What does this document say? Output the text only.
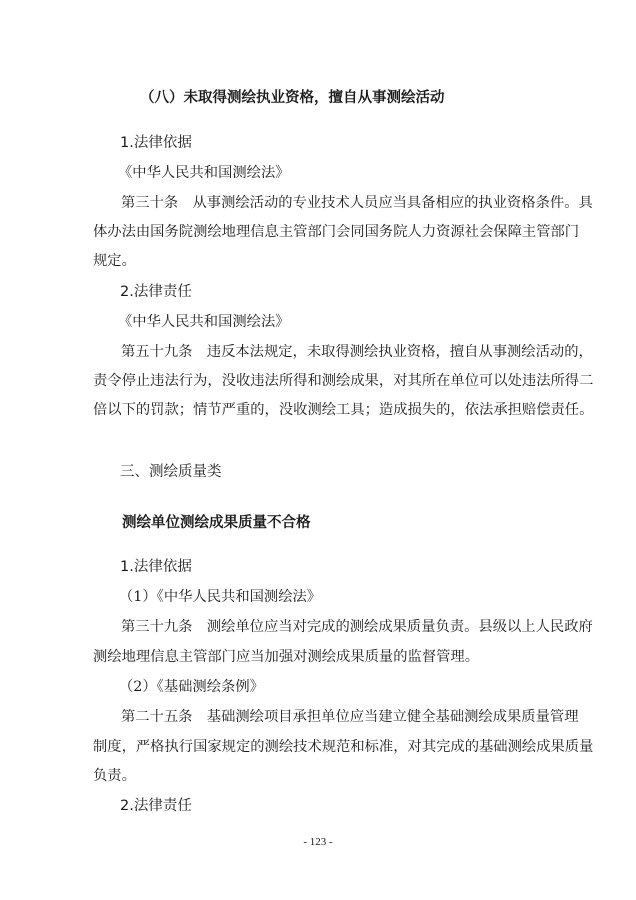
（八）未取得测绘执业资格，擅自从事测绘活动
1.法律依据
《中华人民共和国测绘法》
第三十条　从事测绘活动的专业技术人员应当具备相应的执业资格条件。具
体办法由国务院测绘地理信息主管部门会同国务院人力资源社会保障主管部门
规定。
2.法律责任
《中华人民共和国测绘法》
第五十九条　违反本法规定，未取得测绘执业资格，擅自从事测绘活动的，
责令停止违法行为，没收违法所得和测绘成果，对其所在单位可以处违法所得二
倍以下的罚款；情节严重的，没收测绘工具；造成损失的，依法承担赔偿责任。
三、测绘质量类
测绘单位测绘成果质量不合格
1.法律依据
（1）《中华人民共和国测绘法》
第三十九条　测绘单位应当对完成的测绘成果质量负责。县级以上人民政府
测绘地理信息主管部门应当加强对测绘成果质量的监督管理。
（2）《基础测绘条例》
第二十五条　基础测绘项目承担单位应当建立健全基础测绘成果质量管理
制度，严格执行国家规定的测绘技术规范和标准，对其完成的基础测绘成果质量
负责。
2.法律责任
- 123 -
